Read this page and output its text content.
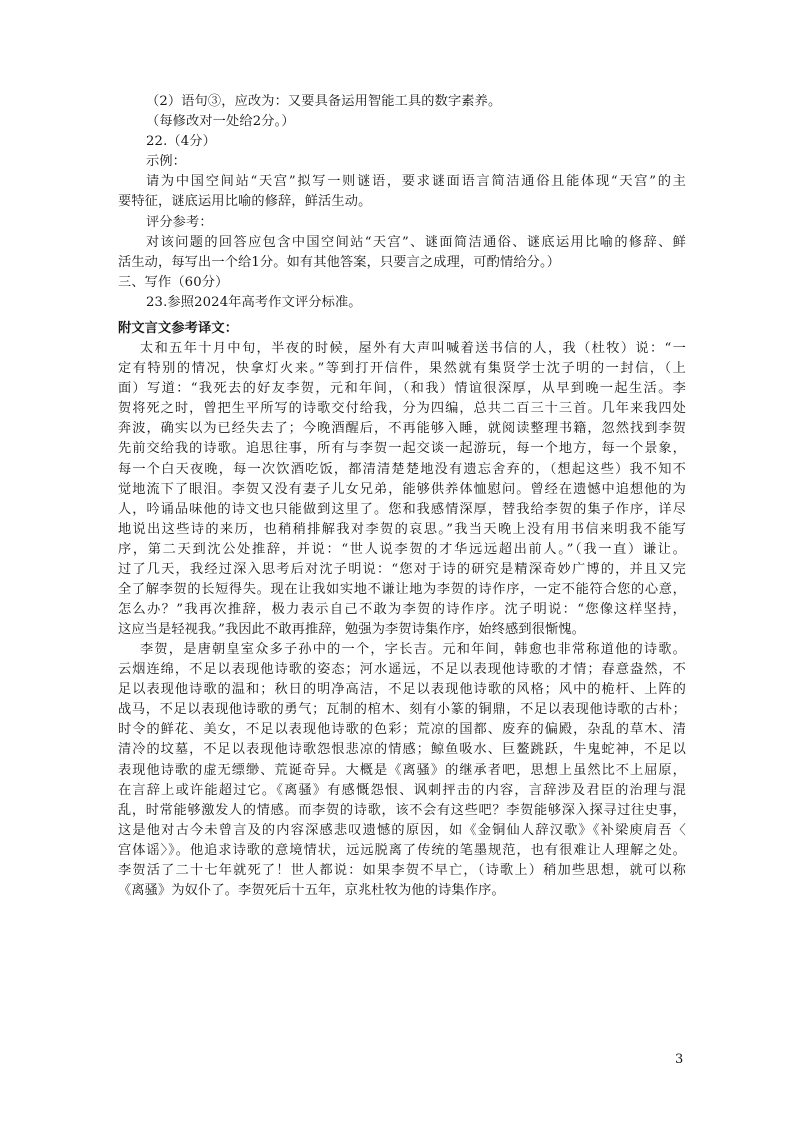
（2）语句③，应改为：又要具备运用智能工具的数字素养。
（每修改对一处给2分。）
22.（4分）
示例：
请为中国空间站“天宫”拟写一则谜语，要求谜面语言简洁通俗且能体现“天宫”的主
要特征，谜底运用比喻的修辞，鲜活生动。
评分参考：
对该问题的回答应包含中国空间站“天宫”、谜面简洁通俗、谜底运用比喻的修辞、鲜
活生动，每写出一个给1分。如有其他答案，只要言之成理，可酌情给分。）
三、写作（60分）
23.参照2024年高考作文评分标准。
附文言文参考译文：
太和五年十月中旬，半夜的时候，屋外有大声叫喊着送书信的人，我（杜牧）说：“一
定有特别的情况，快拿灯火来。”等到打开信件，果然就有集贤学士沈子明的一封信，（上
面）写道：“我死去的好友李贺，元和年间，（和我）情谊很深厚，从早到晚一起生活。李
贺将死之时，曾把生平所写的诗歌交付给我，分为四编，总共二百三十三首。几年来我四处
奔波，确实以为已经失去了；今晚酒醒后，不再能够入睡，就阅读整理书籍，忽然找到李贺
先前交给我的诗歌。追思往事，所有与李贺一起交谈一起游玩，每一个地方，每一个景象，
每一个白天夜晚，每一次饮酒吃饭，都清清楚楚地没有遗忘舍弃的，（想起这些）我不知不
觉地流下了眼泪。李贺又没有妻子儿女兄弟，能够供养体恤慰问。曾经在遗憾中追想他的为
人，吟诵品味他的诗文也只能做到这里了。您和我感情深厚，替我给李贺的集子作序，详尽
地说出这些诗的来历，也稍稍排解我对李贺的哀思。”我当天晚上没有用书信来明我不能写
序，第二天到沈公处推辞，并说：“世人说李贺的才华远远超出前人。”（我一直）谦让。
过了几天，我经过深入思考后对沈子明说：“您对于诗的研究是精深奇妙广博的，并且又完
全了解李贺的长短得失。现在让我如实地不谦让地为李贺的诗作序，一定不能符合您的心意，
怎么办？”我再次推辞，极力表示自己不敢为李贺的诗作序。沈子明说：“您像这样坚持，
这应当是轻视我。”我因此不敢再推辞，勉强为李贺诗集作序，始终感到很惭愧。
李贺，是唐朝皇室众多子孙中的一个，字长吉。元和年间，韩愈也非常称道他的诗歌。
云烟连绵，不足以表现他诗歌的姿态；河水遥远，不足以表现他诗歌的才情；春意盎然，不
足以表现他诗歌的温和；秋日的明净高洁，不足以表现他诗歌的风格；风中的桅杆、上阵的
战马，不足以表现他诗歌的勇气；瓦制的棺木、刻有小篆的铜鼎，不足以表现他诗歌的古朴；
时令的鲜花、美女，不足以表现他诗歌的色彩；荒凉的国都、废弃的偏殿，杂乱的草木、清
清冷的坟墓，不足以表现他诗歌怨恨悲凉的情感；鲸鱼吸水、巨鳌跳跃，牛鬼蛇神，不足以
表现他诗歌的虚无缥缈、荒诞奇异。大概是《离骚》的继承者吧，思想上虽然比不上屈原，
在言辞上或许能超过它。《离骚》有感慨怨恨、讽刺抨击的内容，言辞涉及君臣的治理与混
乱，时常能够激发人的情感。而李贺的诗歌，该不会有这些吧？李贺能够深入探寻过往史事，
这是他对古今未曾言及的内容深感悲叹遗憾的原因，如《金铜仙人辞汉歌》《补梁庾肩吾〈
宫体谣〉》。他追求诗歌的意境情状，远远脱离了传统的笔墨规范，也有很难让人理解之处。
李贺活了二十七年就死了！世人都说：如果李贺不早亡，（诗歌上）稍加些思想，就可以称
《离骚》为奴仆了。李贺死后十五年，京兆杜牧为他的诗集作序。
3
